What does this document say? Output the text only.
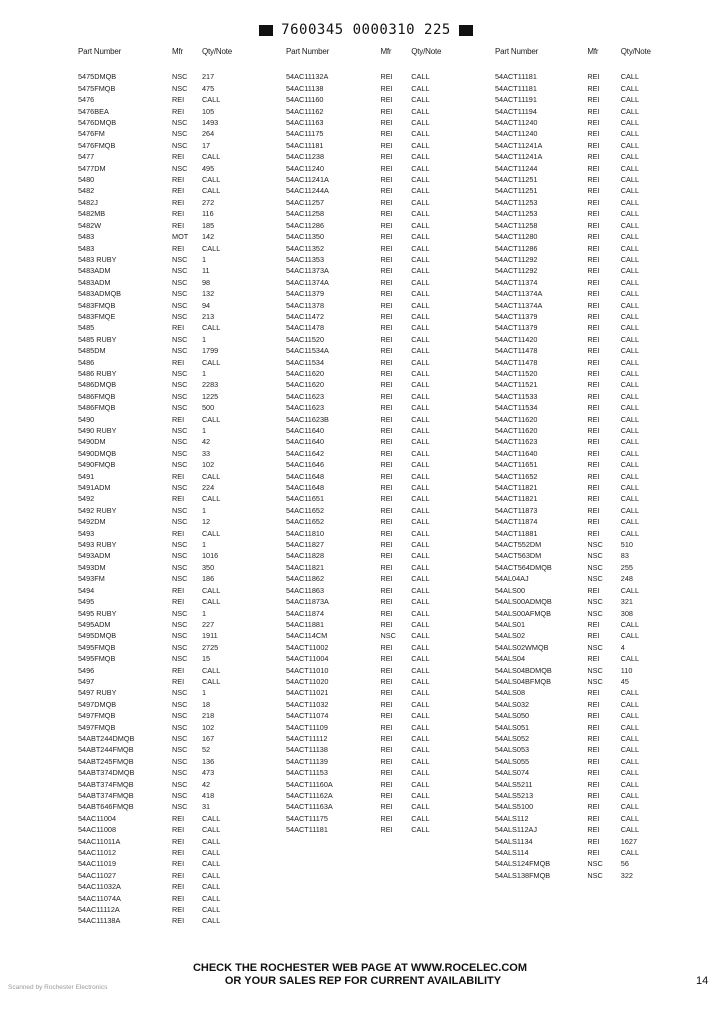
7600345 0000310 225
Part Number	Mfr	Qty/Note
5475DMQB	NSC	217
5475FMQB	NSC	475
5476	REI	CALL
5476BEA	REI	105
5476DMQB	NSC	1493
5476FM	NSC	264
5476FMQB	NSC	17
5477	REI	CALL
5477DM	NSC	495
5480	REI	CALL
5482	REI	CALL
5482J	REI	272
5482MB	REI	116
5482W	REI	185
5483	MOT	142
5483	REI	CALL
5483 RUBY	NSC	1
5483ADM	NSC	11
5483ADM	NSC	98
5483ADMQB	NSC	132
5483FMQB	NSC	94
5483FMQE	NSC	213
5485	REI	CALL
5485 RUBY	NSC	1
5485DM	NSC	1799
5486	REI	CALL
5486 RUBY	NSC	1
5486DMQB	NSC	2283
5486FMQB	NSC	1225
5486FMQB	NSC	500
5490	REI	CALL
5490 RUBY	NSC	1
5490DM	NSC	42
5490DMQB	NSC	33
5490FMQB	NSC	102
5491	REI	CALL
5491ADM	NSC	224
5492	REI	CALL
5492 RUBY	NSC	1
5492DM	NSC	12
5493	REI	CALL
5493 RUBY	NSC	1
5493ADM	NSC	1016
5493DM	NSC	350
5493FM	NSC	186
5494	REI	CALL
5495	REI	CALL
5495 RUBY	NSC	1
5495ADM	NSC	227
5495DMQB	NSC	1911
5495FMQB	NSC	2725
5495FMQB	NSC	15
5496	REI	CALL
5497	REI	CALL
5497 RUBY	NSC	1
5497DMQB	NSC	18
5497FMQB	NSC	218
5497FMQB	NSC	102
54ABT244DMQB	NSC	167
54ABT244FMQB	NSC	52
54ABT245FMQB	NSC	136
54ABT374DMQB	NSC	473
54ABT374FMQB	NSC	42
54ABT374FMQB	NSC	418
54ABT646FMQB	NSC	31
54AC11004	REI	CALL
54AC11008	REI	CALL
54AC11011A	REI	CALL
54AC11012	REI	CALL
54AC11019	REI	CALL
54AC11027	REI	CALL
54AC11032A	REI	CALL
54AC11074A	REI	CALL
54AC11112A	REI	CALL
54AC11138A	REI	CALL
Part Number	Mfr	Qty/Note
54AC11132A	REI	CALL
54AC11138	REI	CALL
54AC11160	REI	CALL
54AC11162	REI	CALL
54AC11163	REI	CALL
54AC11175	REI	CALL
54AC11181	REI	CALL
54AC11238	REI	CALL
54AC11240	REI	CALL
54AC11241A	REI	CALL
54AC11244A	REI	CALL
54AC11257	REI	CALL
54AC11258	REI	CALL
54AC11286	REI	CALL
54AC11350	REI	CALL
54AC11352	REI	CALL
54AC11353	REI	CALL
54AC11373A	REI	CALL
54AC11374A	REI	CALL
54AC11379	REI	CALL
54AC11378	REI	CALL
54AC11472	REI	CALL
54AC11478	REI	CALL
54AC11520	REI	CALL
54AC11534A	REI	CALL
54AC11534	REI	CALL
54AC11620	REI	CALL
54AC11620	REI	CALL
54AC11623	REI	CALL
54AC11623	REI	CALL
54AC11623B	REI	CALL
54AC11640	REI	CALL
54AC11640	REI	CALL
54AC11642	REI	CALL
54AC11646	REI	CALL
54AC11648	REI	CALL
54AC11648	REI	CALL
54AC11651	REI	CALL
54AC11652	REI	CALL
54AC11652	REI	CALL
54AC11810	REI	CALL
54AC11827	REI	CALL
54AC11828	REI	CALL
54AC11821	REI	CALL
54AC11862	REI	CALL
54AC11863	REI	CALL
54AC11873A	REI	CALL
54AC11874	REI	CALL
54AC11881	REI	CALL
54AC114CM	NSC	CALL
54ACT11002	REI	CALL
54ACT11004	REI	CALL
54ACT11010	REI	CALL
54ACT11020	REI	CALL
54ACT11021	REI	CALL
54ACT11032	REI	CALL
54ACT11074	REI	CALL
54ACT11109	REI	CALL
54ACT11112	REI	CALL
54ACT11138	REI	CALL
54ACT11139	REI	CALL
54ACT11153	REI	CALL
54ACT11160A	REI	CALL
54ACT11162A	REI	CALL
54ACT11163A	REI	CALL
54ACT11175	REI	CALL
54ACT11181	REI	CALL
Part Number	Mfr	Qty/Note
54ACT11181	REI	CALL
54ACT11181	REI	CALL
54ACT11191	REI	CALL
54ACT11194	REI	CALL
54ACT11240	REI	CALL
54ACT11240	REI	CALL
54ACT11241A	REI	CALL
54ACT11241A	REI	CALL
54ACT11244	REI	CALL
54ACT11251	REI	CALL
54ACT11251	REI	CALL
54ACT11253	REI	CALL
54ACT11253	REI	CALL
54ACT11258	REI	CALL
54ACT11280	REI	CALL
54ACT11286	REI	CALL
54ACT11292	REI	CALL
54ACT11292	REI	CALL
54ACT11374	REI	CALL
54ACT11374A	REI	CALL
54ACT11374A	REI	CALL
54ACT11379	REI	CALL
54ACT11379	REI	CALL
54ACT11420	REI	CALL
54ACT11478	REI	CALL
54ACT11478	REI	CALL
54ACT11520	REI	CALL
54ACT11521	REI	CALL
54ACT11533	REI	CALL
54ACT11534	REI	CALL
54ACT11620	REI	CALL
54ACT11620	REI	CALL
54ACT11623	REI	CALL
54ACT11640	REI	CALL
54ACT11651	REI	CALL
54ACT11652	REI	CALL
54ACT11821	REI	CALL
54ACT11821	REI	CALL
54ACT11873	REI	CALL
54ACT11874	REI	CALL
54ACT11881	REI	CALL
54ACT552DM	NSC	510
54ACT563DM	NSC	83
54ACT564DMQB	NSC	255
54AL04AJ	NSC	248
54ALS00	REI	CALL
54ALS00ADMQB	NSC	321
54ALS00AFMQB	NSC	308
54ALS01	REI	CALL
54ALS02	REI	CALL
54ALS02WMQB	NSC	4
54ALS04	REI	CALL
54ALS04BDMQB	NSC	110
54ALS04BFMQB	NSC	45
54ALS08	REI	CALL
54ALS032	REI	CALL
54ALS050	REI	CALL
54ALS051	REI	CALL
54ALS052	REI	CALL
54ALS053	REI	CALL
54ALS055	REI	CALL
54ALS074	REI	CALL
54ALS5211	REI	CALL
54ALS5213	REI	CALL
54ALS5100	REI	CALL
54ALS112	REI	CALL
54ALS112AJ	REI	CALL
54ALS1134	REI	1627
54ALS114	REI	CALL
54ALS124FMQB	NSC	56
54ALS138FMQB	NSC	322
CHECK THE ROCHESTER WEB PAGE AT WWW.ROCELEC.COM
OR YOUR SALES REP FOR CURRENT AVAILABILITY	14
Scanned by Rochester Electronics
